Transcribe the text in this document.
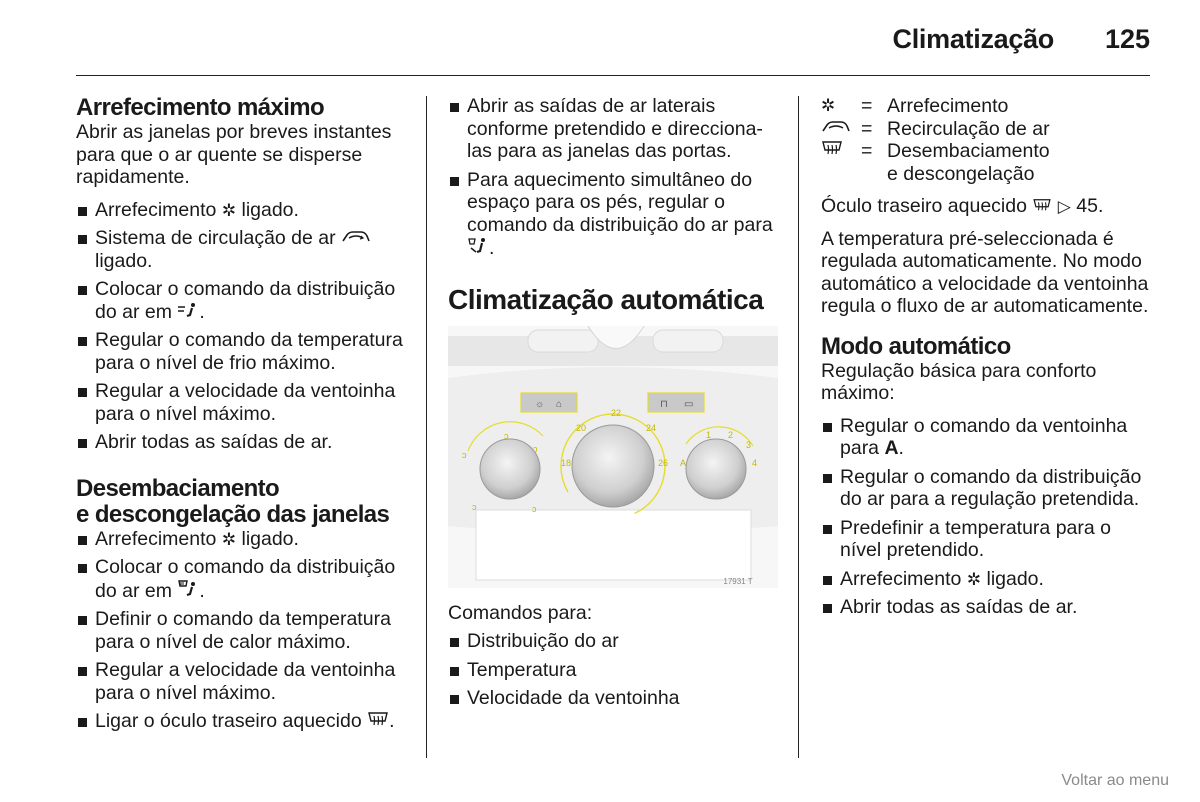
Climatização 125
Arrefecimento máximo

Abrir as janelas por breves instantes para que o ar quente se disperse rapidamente.

Arrefecimento ✲ ligado.
Sistema de circulação de ar  ligado.
Colocar o comando da distribuição do ar em .
Regular o comando da temperatura para o nível de frio máximo.
Regular a velocidade da ventoinha para o nível máximo.
Abrir todas as saídas de ar.
Desembaciamento
e descongelação das janelas
Arrefecimento ✲ ligado.
Colocar o comando da distribuição do ar em .
Definir o comando da temperatura para o nível de calor máximo.
Regular a velocidade da ventoinha para o nível máximo.
Ligar o óculo traseiro aquecido .
Abrir as saídas de ar laterais conforme pretendido e direcciona-las para as janelas das portas.
Para aquecimento simultâneo do espaço para os pés, regular o comando da distribuição do ar para .
Climatização automática
☼ ⌂	⊓ ▭
ↄ
ↄ
ↄ
ↄ	ↄ
20
22
24
18	26
1 2
3
4
A
17931 T

Comandos para:

Distribuição do ar
Temperatura
Velocidade da ventoinha
✲	= Arrefecimento
= Recirculação de ar
= Desembaciamento
e descongelação

Óculo traseiro aquecido ▷ 45.

A temperatura pré-seleccionada é regulada automaticamente. No modo automático a velocidade da ventoinha regula o fluxo de ar automaticamente.

Modo automático

Regulação básica para conforto máximo:

Regular o comando da ventoinha para A.
Regular o comando da distribuição do ar para a regulação pretendida.
Predefinir a temperatura para o nível pretendido.
Arrefecimento ✲ ligado.
Abrir todas as saídas de ar.
Voltar ao menu
